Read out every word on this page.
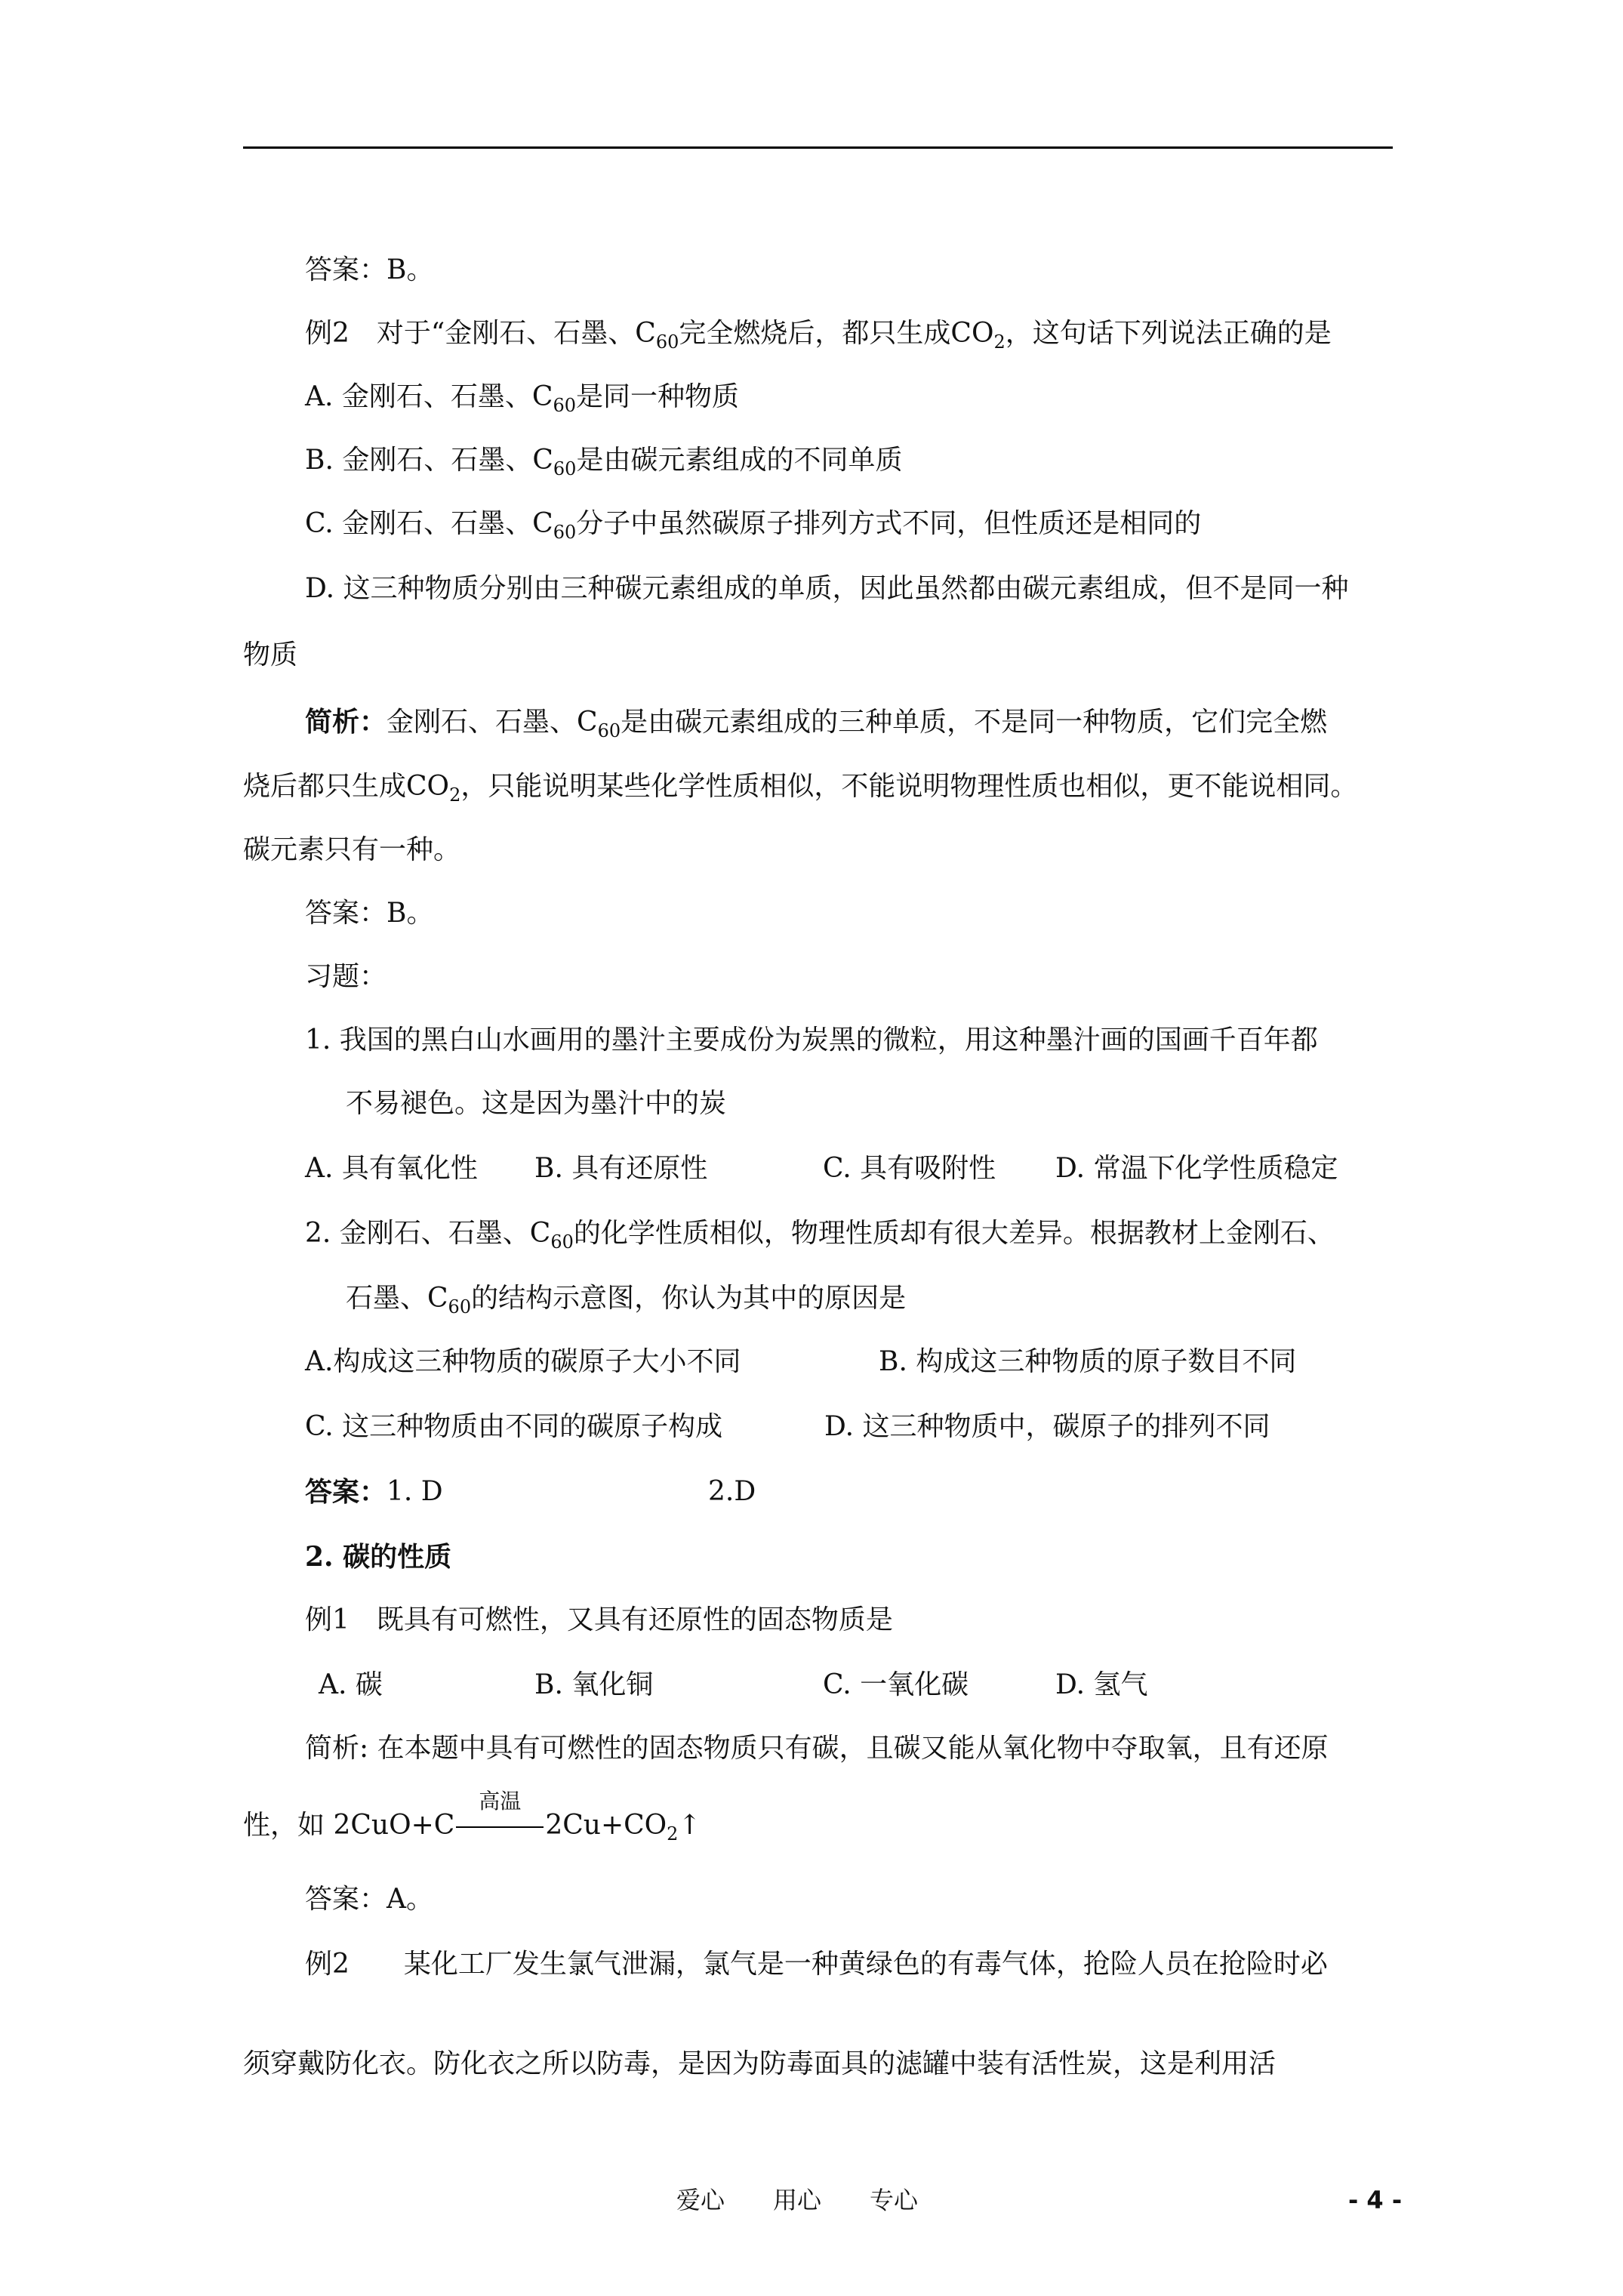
答案：B。
例2　对于“金刚石、石墨、$C_{60}$完全燃烧后，都只生成$CO_2$，这句话下列说法正确的是
A. 金刚石、石墨、$C_{60}$是同一种物质
B. 金刚石、石墨、$C_{60}$是由碳元素组成的不同单质
C. 金刚石、石墨、$C_{60}$分子中虽然碳原子排列方式不同，但性质还是相同的
D. 这三种物质分别由三种碳元素组成的单质，因此虽然都由碳元素组成，但不是同一种
物质
简析：金刚石、石墨、$C_{60}$是由碳元素组成的三种单质，不是同一种物质，它们完全燃
烧后都只生成$CO_2$，只能说明某些化学性质相似，不能说明物理性质也相似，更不能说相同。
碳元素只有一种。
答案：B。
习题：
1. 我国的黑白山水画用的墨汁主要成份为炭黑的微粒，用这种墨汁画的国画千百年都
不易褪色。这是因为墨汁中的炭
A. 具有氧化性 B. 具有还原性	C. 具有吸附性 D. 常温下化学性质稳定
2. 金刚石、石墨、$C_{60}$的化学性质相似，物理性质却有很大差异。根据教材上金刚石、
石墨、$C_{60}$的结构示意图，你认为其中的原因是
A.构成这三种物质的碳原子大小不同	B. 构成这三种物质的原子数目不同
C. 这三种物质由不同的碳原子构成	D. 这三种物质中，碳原子的排列不同
答案： 1. D	2.D
2. 碳的性质
例1　既具有可燃性，又具有还原性的固态物质是
A. 碳	B. 氧化铜	C. 一氧化碳	D. 氢气
简析: 在本题中具有可燃性的固态物质只有碳，且碳又能从氧化物中夺取氧，且有还原
性，如 2CuO+C
高温
$2Cu+CO_2↑$
答案：A。
例2　　某化工厂发生氯气泄漏，氯气是一种黄绿色的有毒气体，抢险人员在抢险时必
须穿戴防化衣。防化衣之所以防毒，是因为防毒面具的滤罐中装有活性炭，这是利用活
爱心　　用心　　专心	- 4 -
